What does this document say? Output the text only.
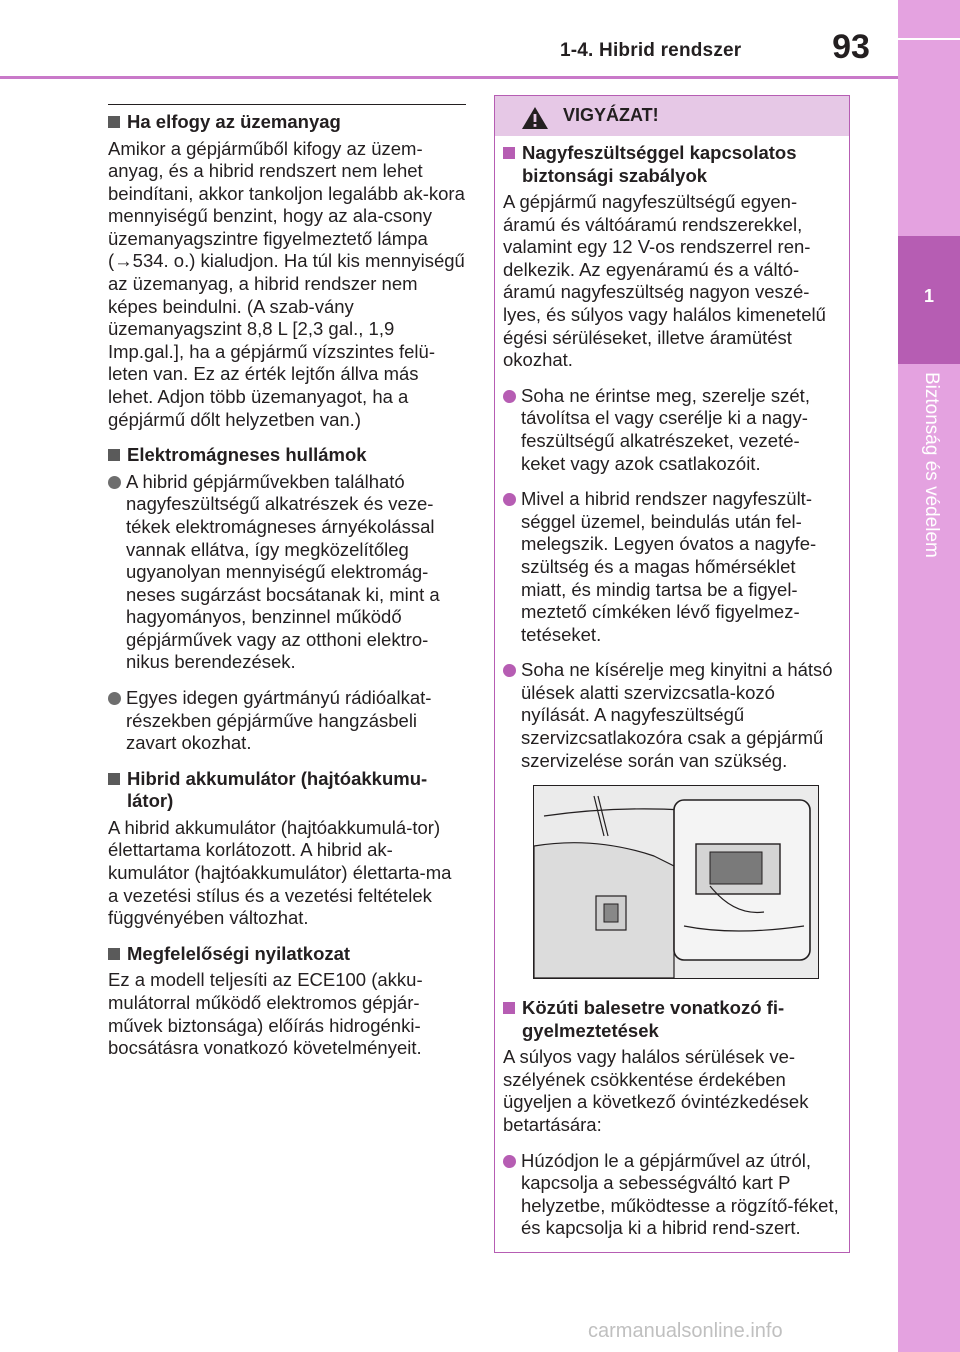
1-4. Hibrid rendszer	93
1
Biztonság és védelem
Ha elfogy az üzemanyag

Amikor a gépjárműből kifogy az üzem-anyag, és a hibrid rendszert nem lehet beindítani, akkor tankoljon legalább ak-kora mennyiségű benzint, hogy az ala-csony üzemanyagszintre figyelmeztető lámpa (→534. o.) kialudjon. Ha túl kis mennyiségű az üzemanyag, a hibrid rendszer nem képes beindulni. (A szab-vány üzemanyagszint 8,8 L [2,3 gal., 1,9 Imp.gal.], ha a gépjármű vízszintes felü-leten van. Ez az érték lejtőn állva más lehet. Adjon több üzemanyagot, ha a gépjármű dőlt helyzetben van.)

Elektromágneses hullámok
A hibrid gépjárművekben található nagyfeszültségű alkatrészek és veze-tékek elektromágneses árnyékolással vannak ellátva, így megközelítőleg ugyanolyan mennyiségű elektromág-neses sugárzást bocsátanak ki, mint a hagyományos, benzinnel működő gépjárművek vagy az otthoni elektro-nikus berendezések.
Egyes idegen gyártmányú rádióalkat-részekben gépjárműve hangzásbeli zavart okozhat.
Hibrid akkumulátor (hajtóakkumu-látor)

A hibrid akkumulátor (hajtóakkumulá-tor) élettartama korlátozott. A hibrid ak-kumulátor (hajtóakkumulátor) élettarta-ma a vezetési stílus és a vezetési feltételek függvényében változhat.

Megfelelőségi nyilatkozat

Ez a modell teljesíti az ECE100 (akku-mulátorral működő elektromos gépjár-művek biztonsága) előírás hidrogénki-bocsátásra vonatkozó követelményeit.

VIGYÁZAT!
Nagyfeszültséggel kapcsolatos biztonsági szabályok

A gépjármű nagyfeszültségű egyen-áramú és váltóáramú rendszerekkel, valamint egy 12 V-os rendszerrel ren-delkezik. Az egyenáramú és a váltó-áramú nagyfeszültség nagyon veszé-lyes, és súlyos vagy halálos kimenetelű égési sérüléseket, illetve áramütést okozhat.

Soha ne érintse meg, szerelje szét, távolítsa el vagy cserélje ki a nagy-feszültségű alkatrészeket, vezeté-keket vagy azok csatlakozóit.
Mivel a hibrid rendszer nagyfeszült-séggel üzemel, beindulás után fel-melegszik. Legyen óvatos a nagyfe-szültség és a magas hőmérséklet miatt, és mindig tartsa be a figyel-meztető címkéken lévő figyelmez-tetéseket.
Soha ne kísérelje meg kinyitni a hátsó ülések alatti szervizcsatla-kozó nyílását. A nagyfeszültségű szervizcsatlakozóra csak a gépjármű szervizelése során van szükség.
Közúti balesetre vonatkozó fi-gyelmeztetések

A súlyos vagy halálos sérülések ve-szélyének csökkentése érdekében ügyeljen a következő óvintézkedések betartására:

Húzódjon le a gépjárművel az útról, kapcsolja a sebességváltó kart P helyzetbe, működtesse a rögzítő-féket, és kapcsolja ki a hibrid rend-szert.
carmanualsonline.info
